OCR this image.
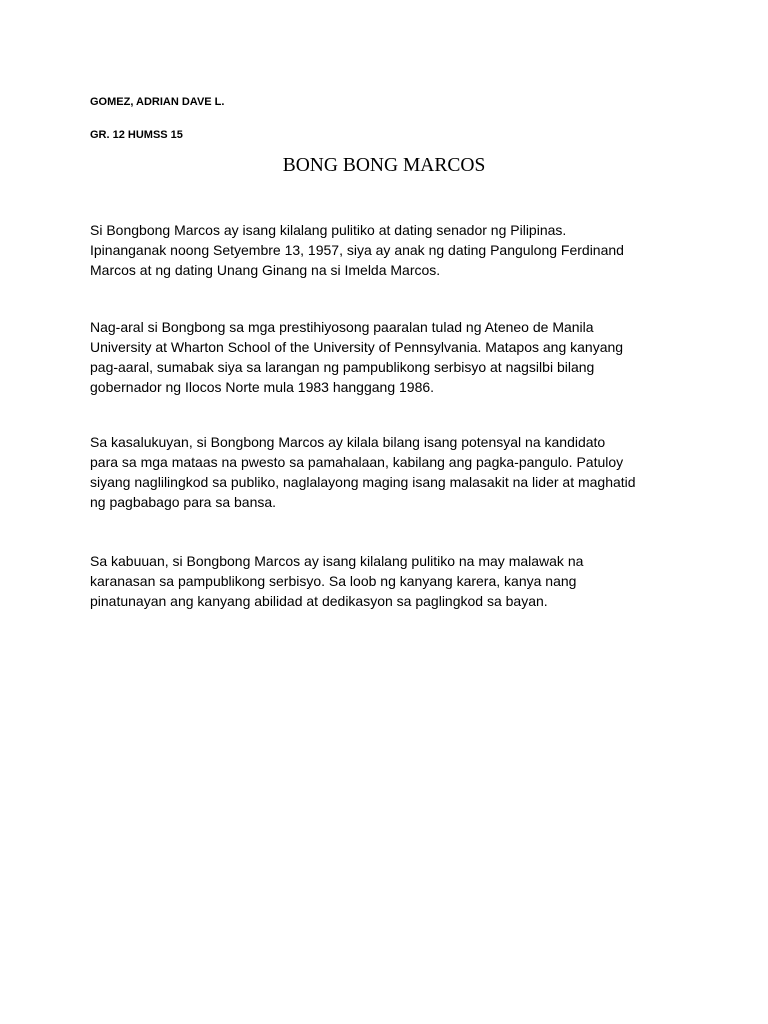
GOMEZ, ADRIAN DAVE L.
GR. 12 HUMSS 15
BONG BONG MARCOS

Si Bongbong Marcos ay isang kilalang pulitiko at dating senador ng Pilipinas.
Ipinanganak noong Setyembre 13, 1957, siya ay anak ng dating Pangulong Ferdinand
Marcos at ng dating Unang Ginang na si Imelda Marcos.

Nag-aral si Bongbong sa mga prestihiyosong paaralan tulad ng Ateneo de Manila
University at Wharton School of the University of Pennsylvania. Matapos ang kanyang
pag-aaral, sumabak siya sa larangan ng pampublikong serbisyo at nagsilbi bilang
gobernador ng Ilocos Norte mula 1983 hanggang 1986.

Sa kasalukuyan, si Bongbong Marcos ay kilala bilang isang potensyal na kandidato
para sa mga mataas na pwesto sa pamahalaan, kabilang ang pagka-pangulo. Patuloy
siyang naglilingkod sa publiko, naglalayong maging isang malasakit na lider at maghatid
ng pagbabago para sa bansa.

Sa kabuuan, si Bongbong Marcos ay isang kilalang pulitiko na may malawak na
karanasan sa pampublikong serbisyo. Sa loob ng kanyang karera, kanya nang
pinatunayan ang kanyang abilidad at dedikasyon sa paglingkod sa bayan.
